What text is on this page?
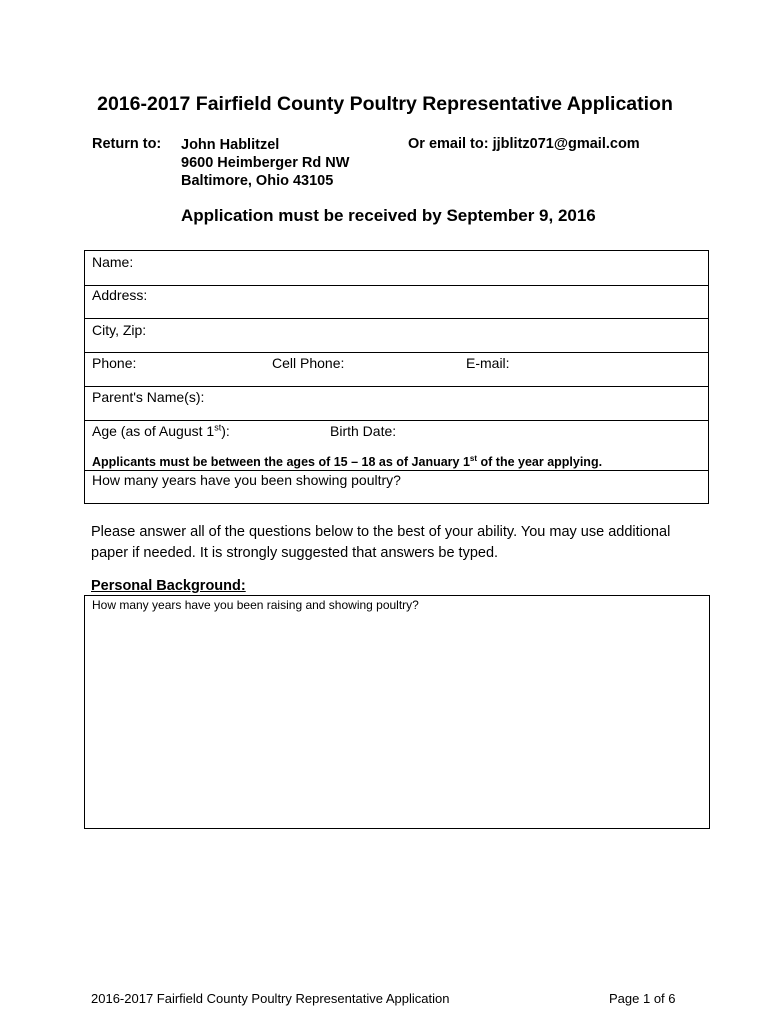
2016-2017 Fairfield County Poultry Representative Application
Return to: John Hablitzel
9600 Heimberger Rd NW
Baltimore, Ohio 43105
Or email to: jjblitz071@gmail.com
Application must be received by September 9, 2016
Name:
Address:
City, Zip:
Phone:	Cell Phone:	E-mail:
Parent's Name(s):
Age (as of August 1st):	Birth Date:
How many years have you been showing poultry?
Applicants must be between the ages of 15 – 18 as of January 1st of the year applying.
Please answer all of the questions below to the best of your ability. You may use additional paper if needed. It is strongly suggested that answers be typed.
Personal Background:
How many years have you been raising and showing poultry?
2016-2017 Fairfield County Poultry Representative Application	Page 1 of 6
